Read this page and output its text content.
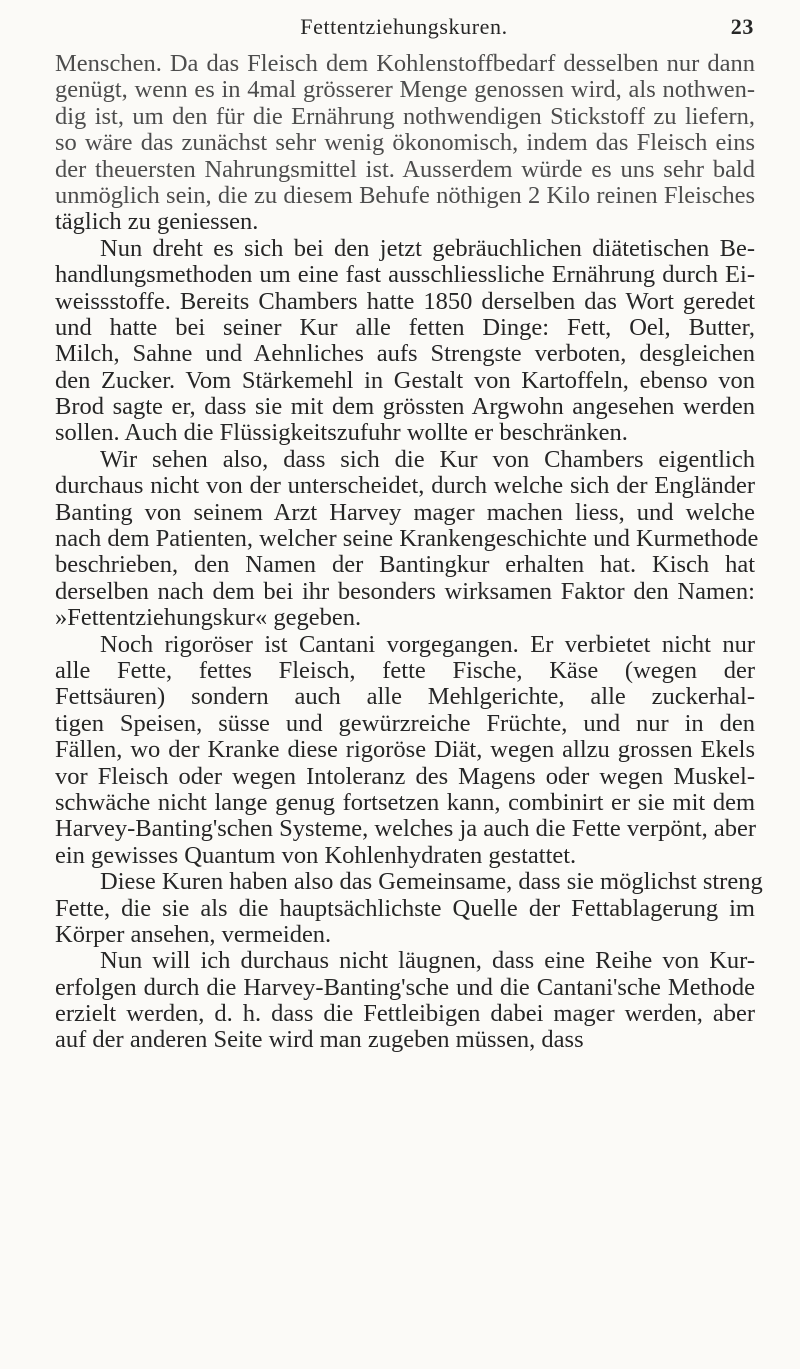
Fettentziehungskuren.	23
Menschen. Da das Fleisch dem Kohlenstoffbedarf desselben nur dann
genügt, wenn es in 4mal grösserer Menge genossen wird, als nothwen-
dig ist, um den für die Ernährung nothwendigen Stickstoff zu liefern,
so wäre das zunächst sehr wenig ökonomisch, indem das Fleisch eins
der theuersten Nahrungsmittel ist. Ausserdem würde es uns sehr bald
unmöglich sein, die zu diesem Behufe nöthigen 2 Kilo reinen Fleisches
täglich zu geniessen.
Nun dreht es sich bei den jetzt gebräuchlichen diätetischen Be-
handlungsmethoden um eine fast ausschliessliche Ernährung durch Ei-
weissstoffe. Bereits Chambers hatte 1850 derselben das Wort geredet
und hatte bei seiner Kur alle fetten Dinge: Fett, Oel, Butter,
Milch, Sahne und Aehnliches aufs Strengste verboten, desgleichen
den Zucker. Vom Stärkemehl in Gestalt von Kartoffeln, ebenso von
Brod sagte er, dass sie mit dem grössten Argwohn angesehen werden
sollen. Auch die Flüssigkeitszufuhr wollte er beschränken.
Wir sehen also, dass sich die Kur von Chambers eigentlich
durchaus nicht von der unterscheidet, durch welche sich der Engländer
Banting von seinem Arzt Harvey mager machen liess, und welche
nach dem Patienten, welcher seine Krankengeschichte und Kurmethode
beschrieben, den Namen der Bantingkur erhalten hat. Kisch hat
derselben nach dem bei ihr besonders wirksamen Faktor den Namen:
»Fettentziehungskur« gegeben.
Noch rigoröser ist Cantani vorgegangen. Er verbietet nicht nur
alle Fette, fettes Fleisch, fette Fische, Käse (wegen der
Fettsäuren) sondern auch alle Mehlgerichte, alle zuckerhal-
tigen Speisen, süsse und gewürzreiche Früchte, und nur in den
Fällen, wo der Kranke diese rigoröse Diät, wegen allzu grossen Ekels
vor Fleisch oder wegen Intoleranz des Magens oder wegen Muskel-
schwäche nicht lange genug fortsetzen kann, combinirt er sie mit dem
Harvey-Banting'schen Systeme, welches ja auch die Fette verpönt, aber
ein gewisses Quantum von Kohlenhydraten gestattet.
Diese Kuren haben also das Gemeinsame, dass sie möglichst streng
Fette, die sie als die hauptsächlichste Quelle der Fettablagerung im
Körper ansehen, vermeiden.
Nun will ich durchaus nicht läugnen, dass eine Reihe von Kur-
erfolgen durch die Harvey-Banting'sche und die Cantani'sche Methode
erzielt werden, d. h. dass die Fettleibigen dabei mager werden, aber
auf der anderen Seite wird man zugeben müssen, dass
